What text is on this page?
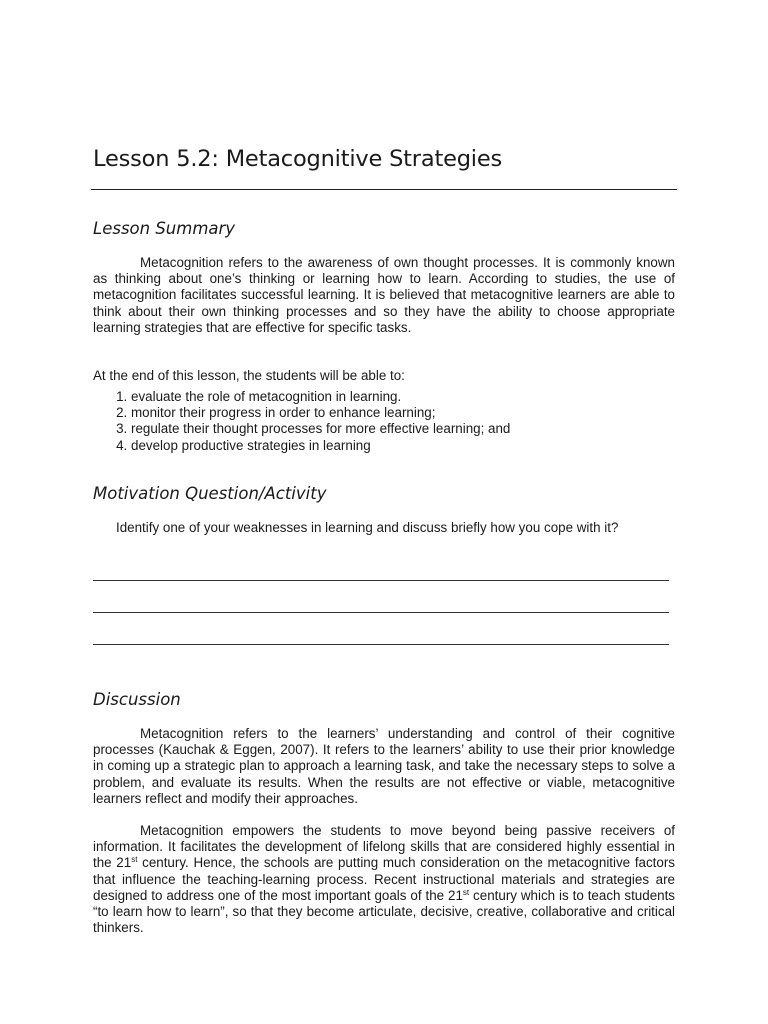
Lesson 5.2: Metacognitive Strategies
Lesson Summary

Metacognition refers to the awareness of own thought processes. It is commonly known as thinking about one’s thinking or learning how to learn. According to studies, the use of metacognition facilitates successful learning. It is believed that metacognitive learners are able to think about their own thinking processes and so they have the ability to choose appropriate learning strategies that are effective for specific tasks.

At the end of this lesson, the students will be able to:

1. evaluate the role of metacognition in learning.
2. monitor their progress in order to enhance learning;
3. regulate their thought processes for more effective learning; and
4. develop productive strategies in learning
Motivation Question/Activity

Identify one of your weaknesses in learning and discuss briefly how you cope with it?

Discussion

Metacognition refers to the learners’ understanding and control of their cognitive processes (Kauchak & Eggen, 2007). It refers to the learners’ ability to use their prior knowledge in coming up a strategic plan to approach a learning task, and take the necessary steps to solve a problem, and evaluate its results. When the results are not effective or viable, metacognitive learners reflect and modify their approaches.

Metacognition empowers the students to move beyond being passive receivers of information. It facilitates the development of lifelong skills that are considered highly essential in the 21st century. Hence, the schools are putting much consideration on the metacognitive factors that influence the teaching-learning process. Recent instructional materials and strategies are designed to address one of the most important goals of the 21st century which is to teach students “to learn how to learn”, so that they become articulate, decisive, creative, collaborative and critical thinkers.
